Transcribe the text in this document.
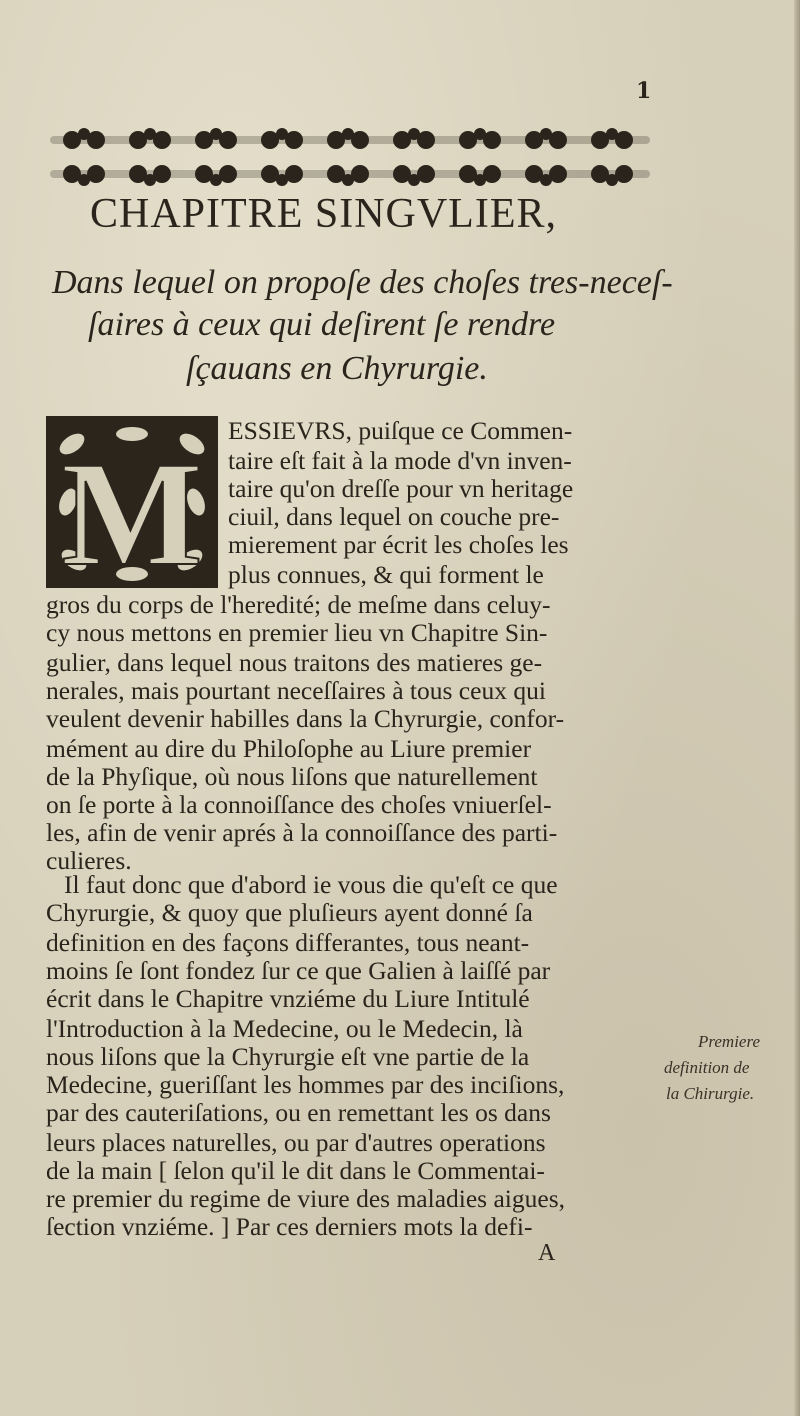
1
CHAPITRE SINGVLIER,
Dans lequel on propoſe des choſes tres-neceſ-
ſaires à ceux qui deſirent ſe rendre
ſçauans en Chyrurgie.
M
ESSIEVRS, puiſque ce Commen-
taire eſt fait à la mode d'vn inven-
taire qu'on dreſſe pour vn heritage
ciuil, dans lequel on couche pre-
mierement par écrit les choſes les
plus connues, & qui forment le
gros du corps de l'heredité; de meſme dans celuy-
cy nous mettons en premier lieu vn Chapitre Sin-
gulier, dans lequel nous traitons des matieres ge-
nerales, mais pourtant neceſſaires à tous ceux qui
veulent devenir habilles dans la Chyrurgie, confor-
mément au dire du Philoſophe au Liure premier
de la Phyſique, où nous liſons que naturellement
on ſe porte à la connoiſſance des choſes vniuerſel-
les, afin de venir aprés à la connoiſſance des parti-
culieres.
Il faut donc que d'abord ie vous die qu'eſt ce que
Chyrurgie, & quoy que pluſieurs ayent donné ſa
definition en des façons differantes, tous neant-
moins ſe ſont fondez ſur ce que Galien à laiſſé par
écrit dans le Chapitre vnziéme du Liure Intitulé
l'Introduction à la Medecine, ou le Medecin, là
nous liſons que la Chyrurgie eſt vne partie de la
Medecine, gueriſſant les hommes par des inciſions,
par des cauteriſations, ou en remettant les os dans
leurs places naturelles, ou par d'autres operations
de la main [ ſelon qu'il le dit dans le Commentai-
re premier du regime de viure des maladies aigues,
ſection vnziéme. ] Par ces derniers mots la defi-
Premiere
definition de
la Chirurgie.
A
